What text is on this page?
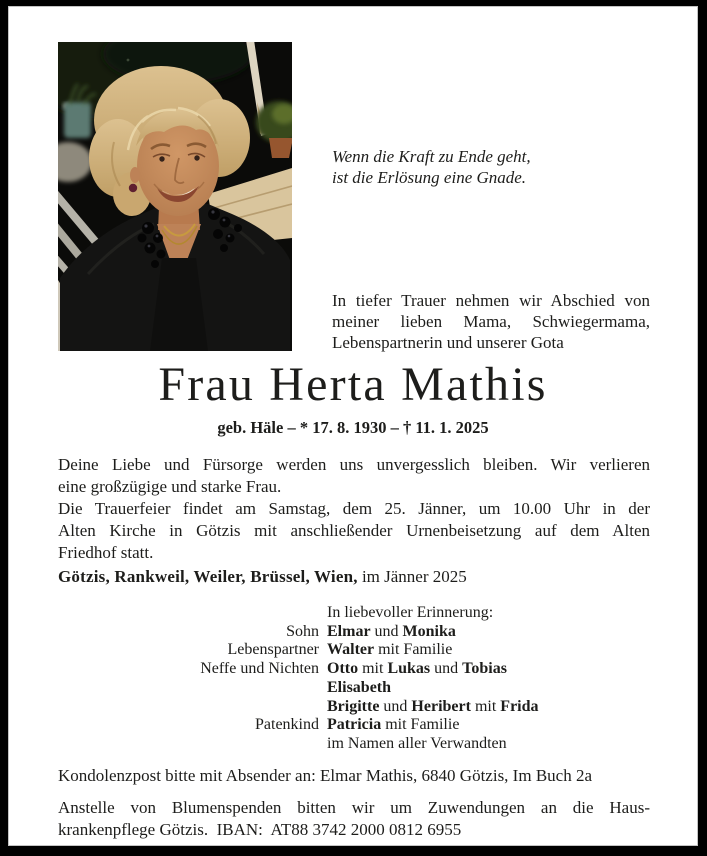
Wenn die Kraft zu Ende geht,
ist die Erlösung eine Gnade.
In tiefer Trauer nehmen wir Abschied von
meiner lieben Mama, Schwiegermama,
Lebenspartnerin und unserer Gota
Frau Herta Mathis
geb. Häle – * 17. 8. 1930 – † 11. 1. 2025
Deine Liebe und Fürsorge werden uns unvergesslich bleiben. Wir verlieren
eine großzügige und starke Frau.
Die Trauerfeier findet am Samstag, dem 25. Jänner, um 10.00 Uhr in der
Alten Kirche in Götzis mit anschließender Urnenbeisetzung auf dem Alten
Friedhof statt.
Götzis, Rankweil, Weiler, Brüssel, Wien, im Jänner 2025
In liebevoller Erinnerung:
Sohn Elmar und Monika
Lebenspartner Walter mit Familie
Neffe und Nichten Otto mit Lukas und Tobias
Elisabeth
Brigitte und Heribert mit Frida
Patenkind Patricia mit Familie
im Namen aller Verwandten
Kondolenzpost bitte mit Absender an: Elmar Mathis, 6840 Götzis, Im Buch 2a
Anstelle von Blumenspenden bitten wir um Zuwendungen an die Haus-
krankenpflege Götzis.  IBAN:  AT88 3742 2000 0812 6955
